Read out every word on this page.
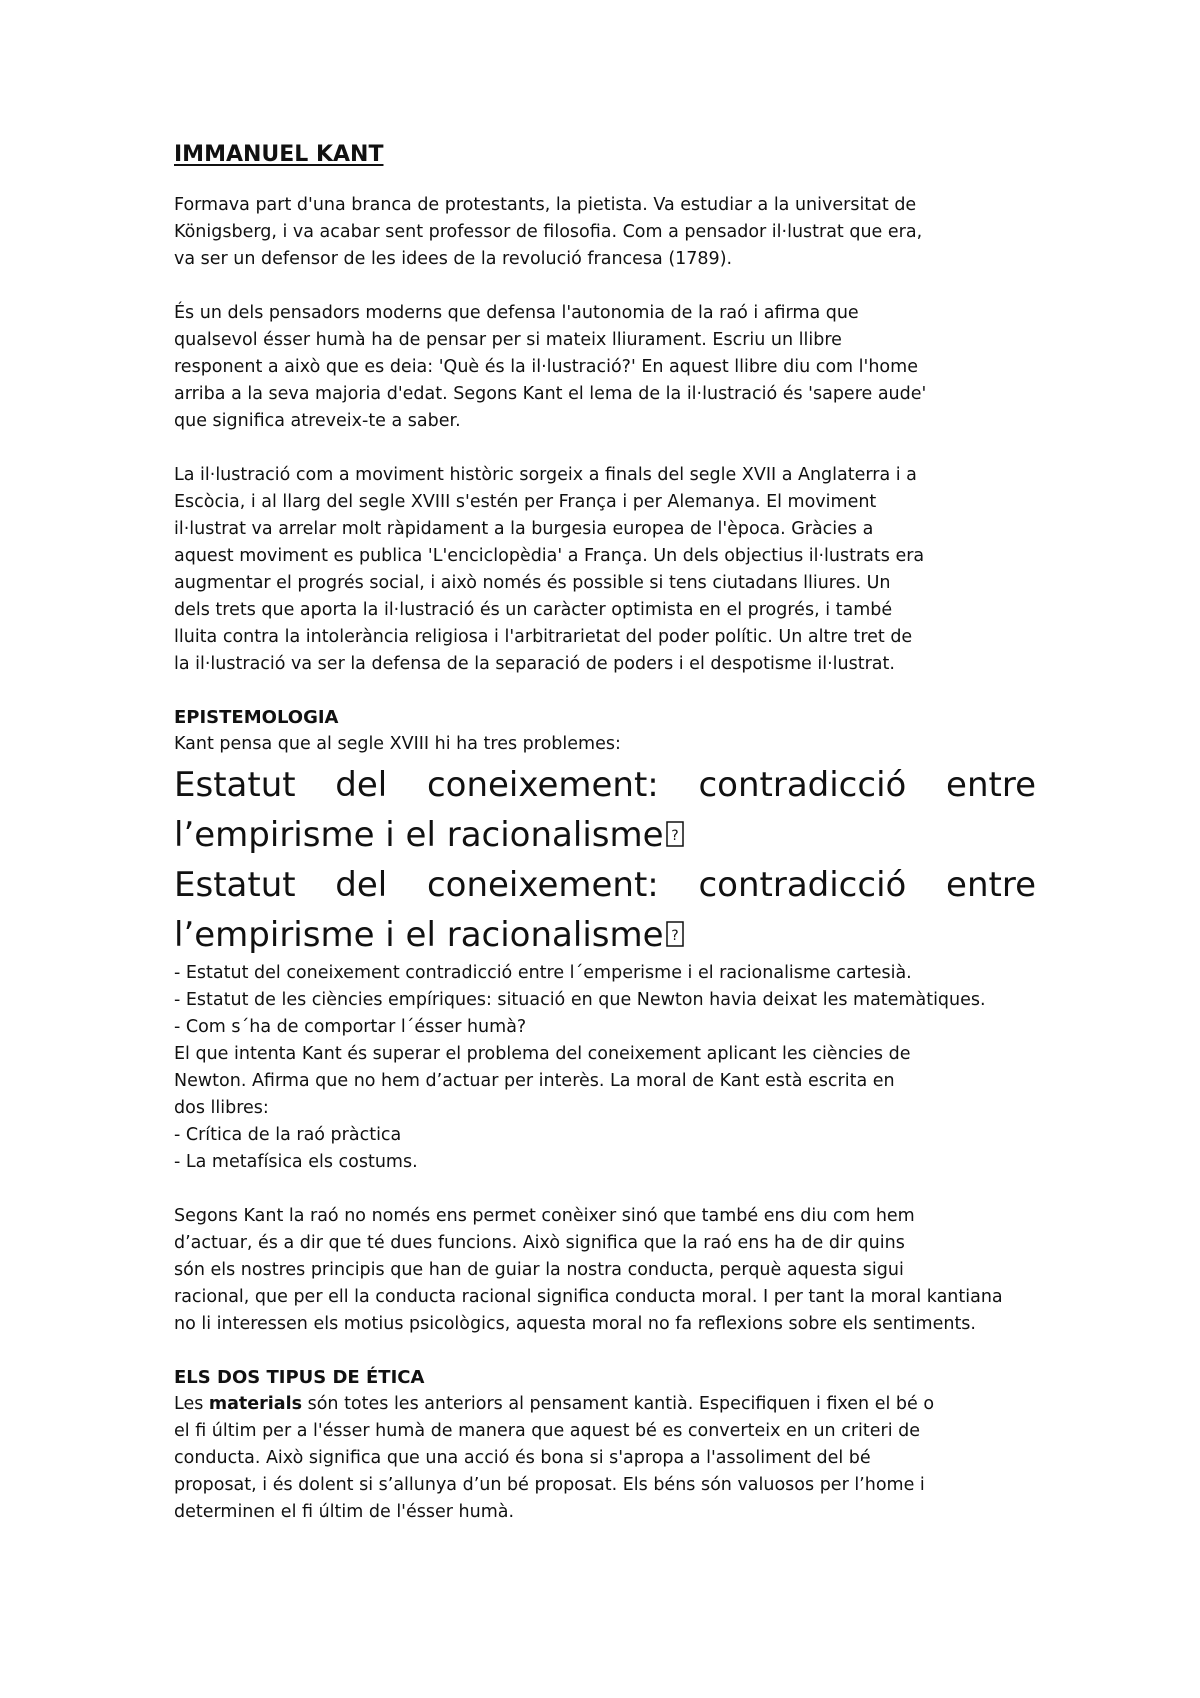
IMMANUEL KANT
Formava part d'una branca de protestants, la pietista. Va estudiar a la universitat de
Königsberg, i va acabar sent professor de filosofia. Com a pensador il·lustrat que era,
va ser un defensor de les idees de la revolució francesa (1789).
És un dels pensadors moderns que defensa l'autonomia de la raó i afirma que
qualsevol ésser humà ha de pensar per si mateix lliurament. Escriu un llibre
responent a això que es deia: 'Què és la il·lustració?' En aquest llibre diu com l'home
arriba a la seva majoria d'edat. Segons Kant el lema de la il·lustració és 'sapere aude'
que significa atreveix-te a saber.
La il·lustració com a moviment històric sorgeix a finals del segle XVII a Anglaterra i a
Escòcia, i al llarg del segle XVIII s'estén per França i per Alemanya. El moviment
il·lustrat va arrelar molt ràpidament a la burgesia europea de l'època. Gràcies a
aquest moviment es publica 'L'enciclopèdia' a França. Un dels objectius il·lustrats era
augmentar el progrés social, i això només és possible si tens ciutadans lliures. Un
dels trets que aporta la il·lustració és un caràcter optimista en el progrés, i també
lluita contra la intolerància religiosa i l'arbitrarietat del poder polític. Un altre tret de
la il·lustració va ser la defensa de la separació de poders i el despotisme il·lustrat.
EPISTEMOLOGIA
Kant pensa que al segle XVIII hi ha tres problemes:
Estatut del coneixement: contradicció entre
l’empirisme i el racionalisme ?
Estatut del coneixement: contradicció entre
l’empirisme i el racionalisme ?
- Estatut del coneixement contradicció entre l´emperisme i el racionalisme cartesià.
- Estatut de les ciències empíriques: situació en que Newton havia deixat les matemàtiques.
- Com s´ha de comportar l´ésser humà?
El que intenta Kant és superar el problema del coneixement aplicant les ciències de
Newton. Afirma que no hem d’actuar per interès. La moral de Kant està escrita en
dos llibres:
- Crítica de la raó pràctica
- La metafísica els costums.
Segons Kant la raó no només ens permet conèixer sinó que també ens diu com hem
d’actuar, és a dir que té dues funcions. Això significa que la raó ens ha de dir quins
són els nostres principis que han de guiar la nostra conducta, perquè aquesta sigui
racional, que per ell la conducta racional significa conducta moral. I per tant la moral kantiana
no li interessen els motius psicològics, aquesta moral no fa reflexions sobre els sentiments.
ELS DOS TIPUS DE ÉTICA
Les materials són totes les anteriors al pensament kantià. Especifiquen i fixen el bé o
el fi últim per a l'ésser humà de manera que aquest bé es converteix en un criteri de
conducta. Això significa que una acció és bona si s'apropa a l'assoliment del bé
proposat, i és dolent si s’allunya d’un bé proposat. Els béns són valuosos per l’home i
determinen el fi últim de l'ésser humà.
